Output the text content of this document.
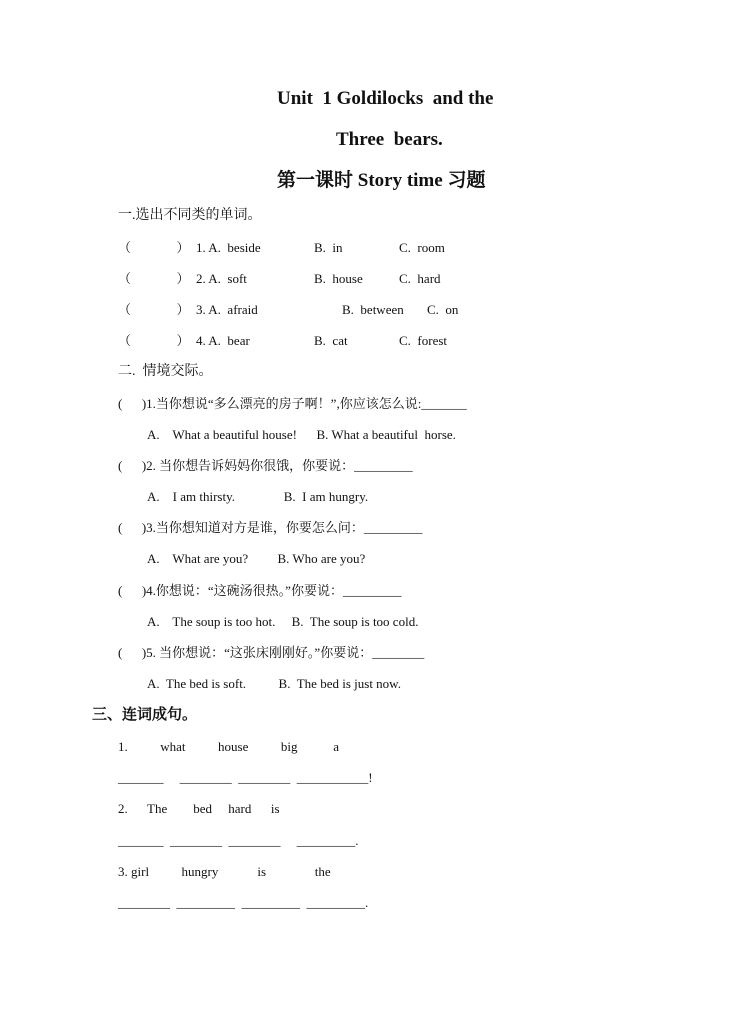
Unit  1 Goldilocks  and the
Three  bears.
第一课时 Story time 习题
一.选出不同类的单词。
（              ） 1. A.  beside	B.  in	C.  room
（              ） 2. A.  soft	B.  house	C.  hard
（              ） 3. A.  afraid	B.  between C.  on
（              ） 4. A.  bear	B.  cat	C.  forest
二.  情境交际。
(      )1.当你想说“多么漂亮的房子啊！”,你应该怎么说:_______
A.    What a beautiful house!      B. What a beautiful  horse.
(      )2. 当你想告诉妈妈你很饿，你要说：_________
A.    I am thirsty.               B.  I am hungry.
(      )3.当你想知道对方是谁，你要怎么问：_________
A.    What are you?         B. Who are you?
(      )4.你想说：“这碗汤很热。”你要说：_________
A.    The soup is too hot.     B.  The soup is too cold.
(      )5. 当你想说：“这张床刚刚好。”你要说：________
A.  The bed is soft.          B.  The bed is just now.
三、连词成句。
1.          what          house          big           a
_______     ________  ________  ___________!
2.      The        bed     hard      is
_______  ________  ________     _________.
3. girl          hungry            is               the
________  _________  _________  _________.
